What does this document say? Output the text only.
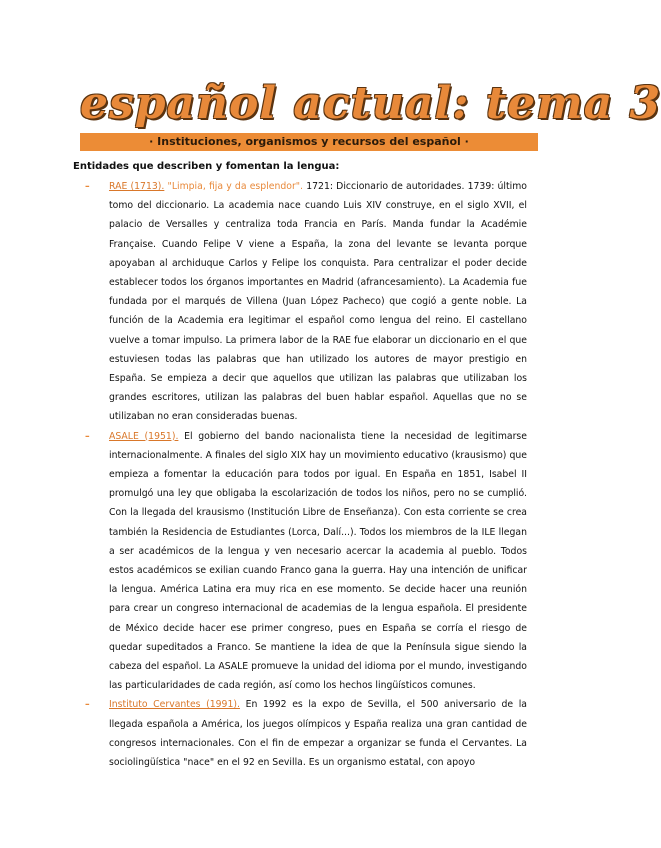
español actual: tema 3
· Instituciones, organismos y recursos del español ·
Entidades que describen y fomentan la lengua:
– RAE (1713). "Limpia, fija y da esplendor". 1721: Diccionario de autoridades. 1739: último tomo del diccionario. La academia nace cuando Luis XIV construye, en el siglo XVII, el palacio de Versalles y centraliza toda Francia en París. Manda fundar la Académie Française. Cuando Felipe V viene a España, la zona del levante se levanta porque apoyaban al archiduque Carlos y Felipe los conquista. Para centralizar el poder decide establecer todos los órganos importantes en Madrid (afrancesamiento). La Academia fue fundada por el marqués de Villena (Juan López Pacheco) que cogió a gente noble. La función de la Academia era legitimar el español como lengua del reino. El castellano vuelve a tomar impulso. La primera labor de la RAE fue elaborar un diccionario en el que estuviesen todas las palabras que han utilizado los autores de mayor prestigio en España. Se empieza a decir que aquellos que utilizan las palabras que utilizaban los grandes escritores, utilizan las palabras del buen hablar español. Aquellas que no se utilizaban no eran consideradas buenas.
– ASALE (1951). El gobierno del bando nacionalista tiene la necesidad de legitimarse internacionalmente. A finales del siglo XIX hay un movimiento educativo (krausismo) que empieza a fomentar la educación para todos por igual. En España en 1851, Isabel II promulgó una ley que obligaba la escolarización de todos los niños, pero no se cumplió. Con la llegada del krausismo (Institución Libre de Enseñanza). Con esta corriente se crea también la Residencia de Estudiantes (Lorca, Dalí...). Todos los miembros de la ILE llegan a ser académicos de la lengua y ven necesario acercar la academia al pueblo. Todos estos académicos se exilian cuando Franco gana la guerra. Hay una intención de unificar la lengua. América Latina era muy rica en ese momento. Se decide hacer una reunión para crear un congreso internacional de academias de la lengua española. El presidente de México decide hacer ese primer congreso, pues en España se corría el riesgo de quedar supeditados a Franco. Se mantiene la idea de que la Península sigue siendo la cabeza del español. La ASALE promueve la unidad del idioma por el mundo, investigando las particularidades de cada región, así como los hechos lingüísticos comunes.
– Instituto Cervantes (1991). En 1992 es la expo de Sevilla, el 500 aniversario de la llegada española a América, los juegos olímpicos y España realiza una gran cantidad de congresos internacionales. Con el fin de empezar a organizar se funda el Cervantes. La sociolingüística "nace" en el 92 en Sevilla. Es un organismo estatal, con apoyo
